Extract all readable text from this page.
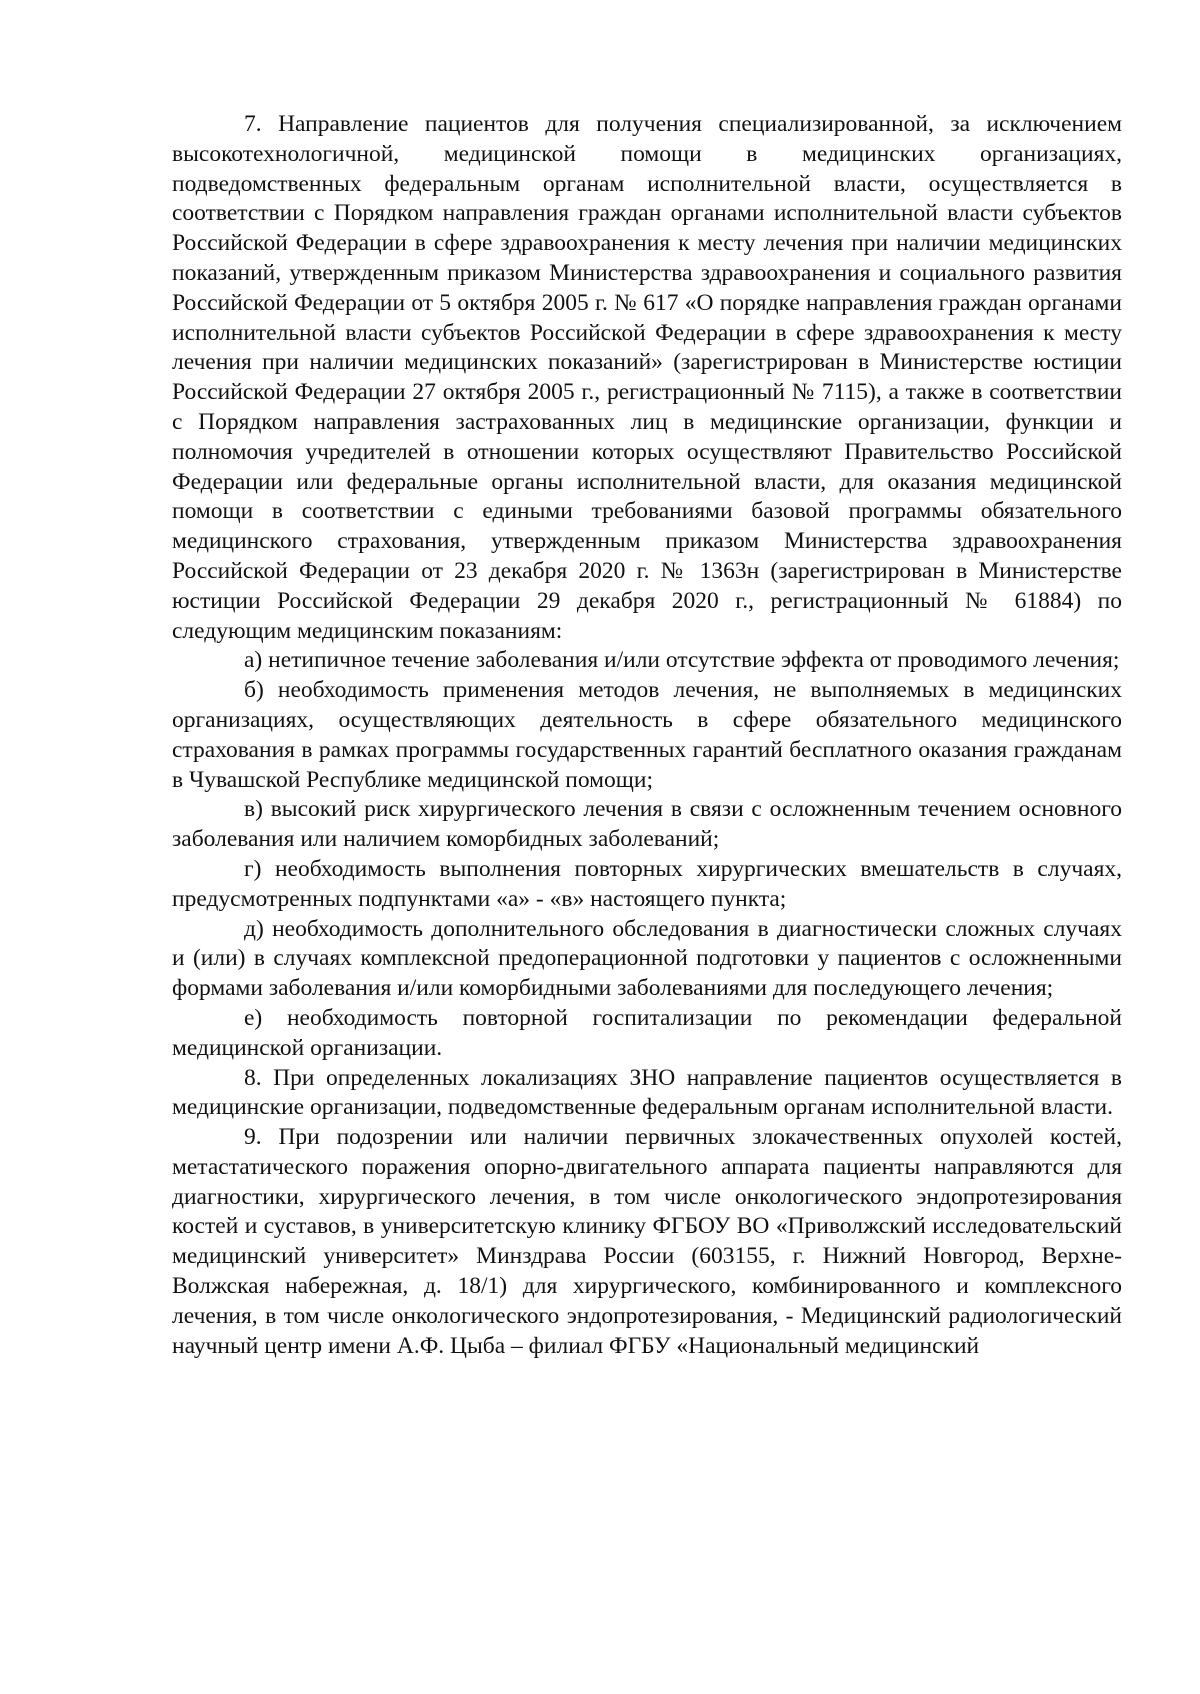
7. Направление пациентов для получения специализированной, за исключением высокотехнологичной, медицинской помощи в медицинских организациях, подведомственных федеральным органам исполнительной власти, осуществляется в соответствии с Порядком направления граждан органами исполнительной власти субъектов Российской Федерации в сфере здравоохранения к месту лечения при наличии медицинских показаний, утвержденным приказом Министерства здравоохранения и социального развития Российской Федерации от 5 октября 2005 г. № 617 «О порядке направления граждан органами исполнительной власти субъектов Российской Федерации в сфере здравоохранения к месту лечения при наличии медицинских показаний» (зарегистрирован в Министерстве юстиции Российской Федерации 27 октября 2005 г., регистрационный № 7115), а также в соответствии с Порядком направления застрахованных лиц в медицинские организации, функции и полномочия учредителей в отношении которых осуществляют Правительство Российской Федерации или федеральные органы исполнительной власти, для оказания медицинской помощи в соответствии с едиными требованиями базовой программы обязательного медицинского страхования, утвержденным приказом Министерства здравоохранения Российской Федерации от 23 декабря 2020 г. № 1363н (зарегистрирован в Министерстве юстиции Российской Федерации 29 декабря 2020 г., регистрационный № 61884) по следующим медицинским показаниям:

а) нетипичное течение заболевания и/или отсутствие эффекта от проводимого лечения;

б) необходимость применения методов лечения, не выполняемых в медицинских организациях, осуществляющих деятельность в сфере обязательного медицинского страхования в рамках программы государственных гарантий бесплатного оказания гражданам в Чувашской Республике медицинской помощи;

в) высокий риск хирургического лечения в связи с осложненным течением основного заболевания или наличием коморбидных заболеваний;

г) необходимость выполнения повторных хирургических вмешательств в случаях, предусмотренных подпунктами «а» - «в» настоящего пункта;

д) необходимость дополнительного обследования в диагностически сложных случаях и (или) в случаях комплексной предоперационной подготовки у пациентов с осложненными формами заболевания и/или коморбидными заболеваниями для последующего лечения;

е) необходимость повторной госпитализации по рекомендации федеральной медицинской организации.

8. При определенных локализациях ЗНО направление пациентов осуществляется в медицинские организации, подведомственные федеральным органам исполнительной власти.

9. При подозрении или наличии первичных злокачественных опухолей костей, метастатического поражения опорно-двигательного аппарата пациенты направляются для диагностики, хирургического лечения, в том числе онкологического эндопротезирования костей и суставов, в университетскую клинику ФГБОУ ВО «Приволжский исследовательский медицинский университет» Минздрава России (603155, г. Нижний Новгород, Верхне-Волжская набережная, д. 18/1) для хирургического, комбинированного и комплексного лечения, в том числе онкологического эндопротезирования, - Медицинский радиологический научный центр имени А.Ф. Цыба – филиал ФГБУ «Национальный медицинский
